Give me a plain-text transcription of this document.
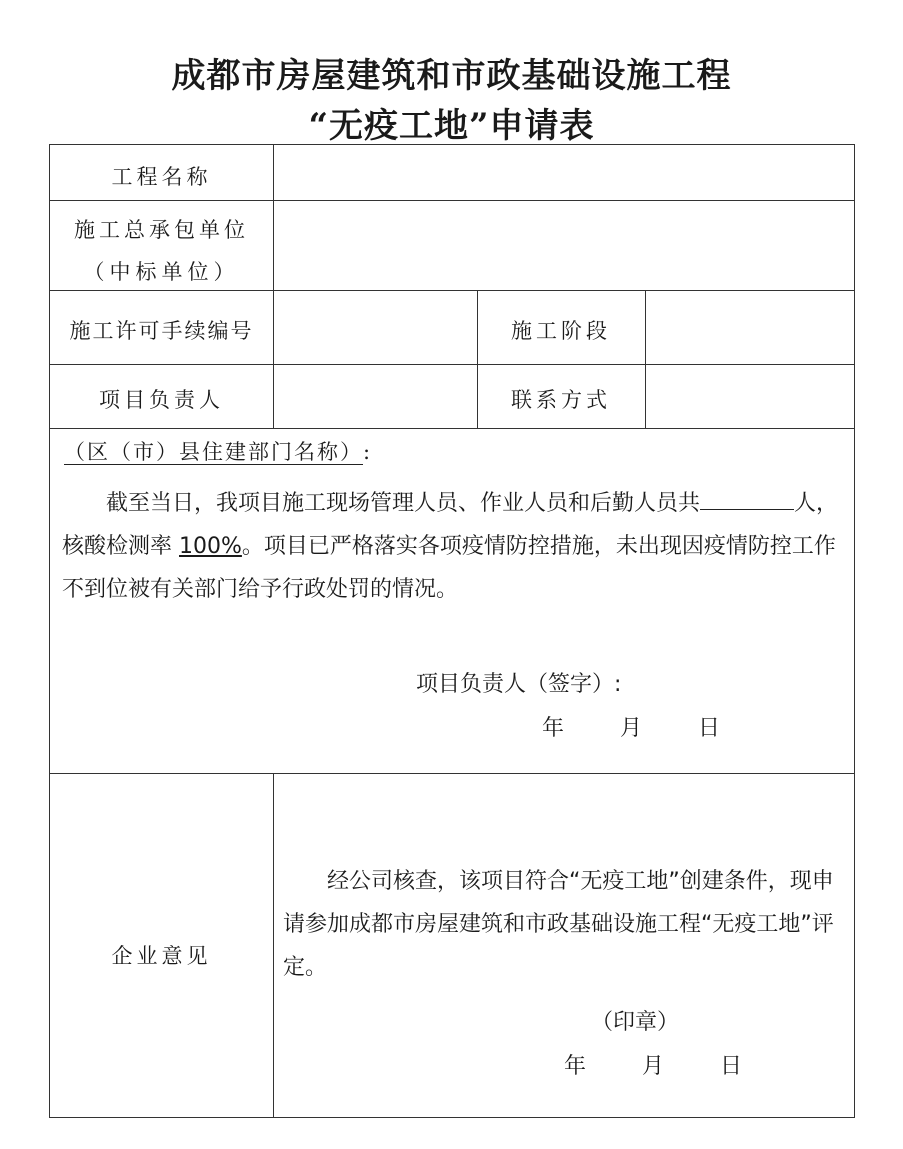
成都市房屋建筑和市政基础设施工程
“无疫工地”申请表
工程名称
施工总承包单位
（中标单位）
施工许可手续编号	施工阶段
项目负责人	联系方式
（区（市）县住建部门名称）:
截至当日，我项目施工现场管理人员、作业人员和后勤人员共	人，核酸检测率 100%。项目已严格落实各项疫情防控措施，未出现因疫情防控工作不到位被有关部门给予行政处罚的情况。
项目负责人（签字）:
年	月	日
企业意见
经公司核查，该项目符合“无疫工地”创建条件，现申请参加成都市房屋建筑和市政基础设施工程“无疫工地”评定。
（印章）
年	月	日
